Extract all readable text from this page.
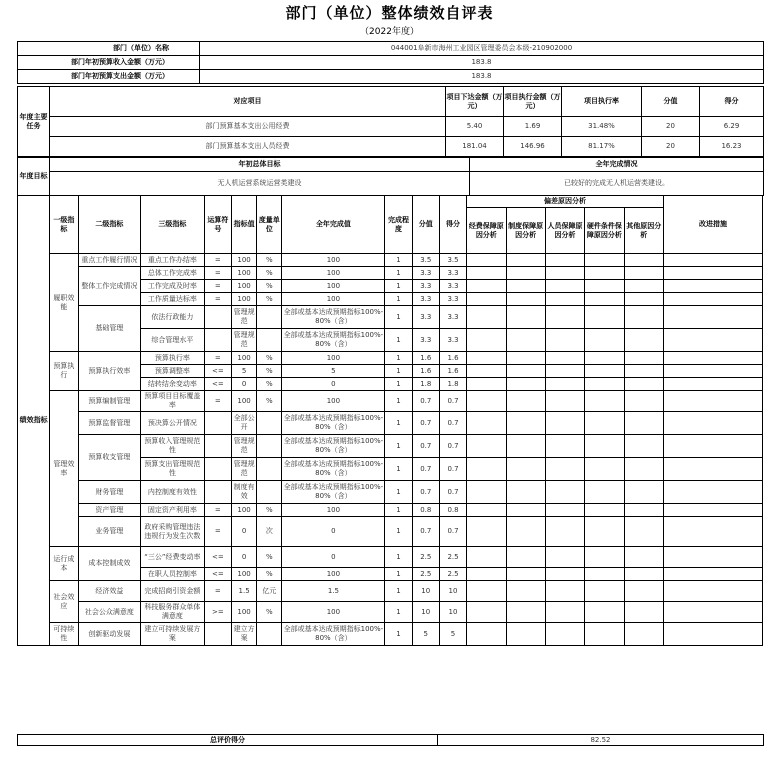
部门（单位）整体绩效自评表
（2022年度）
部门（单位）名称	044001阜新市海州工业园区管理委员会本级-210902000
部门年初预算收入金额（万元）	183.8
部门年初预算支出金额（万元）	183.8
年度主要任务	对应项目	项目下达金额（万元）	项目执行金额（万元）	项目执行率	分值	得分
	部门预算基本支出公用经费	5.40	1.69	31.48%	20	6.29
	部门预算基本支出人员经费	181.04	146.96	81.17%	20	16.23
年度目标	年初总体目标	全年完成情况
	无人机运营系统运营类建设	已较好的完成无人机运营类建设。
绩效指标	一级指标	二级指标	三级指标	运算符号	指标值	度量单位	全年完成值	完成程度	分值	得分	偏差原因分析					改进措施
											经费保障原因分析	制度保障原因分析	人员保障原因分析	硬件条件保障原因分析	其他原因分析	
	履职效能	重点工作履行情况	重点工作办结率	=	100	%	100	1	3.5	3.5						
		整体工作完成情况	总体工作完成率	=	100	%	100	1	3.3	3.3						
			工作完成及时率	=	100	%	100	1	3.3	3.3						
			工作质量达标率	=	100	%	100	1	3.3	3.3						
		基础管理	依法行政能力		管理规范		全部或基本达成预期指标100%-80%（含）	1	3.3	3.3						
			综合管理水平		管理规范		全部或基本达成预期指标100%-80%（含）	1	3.3	3.3						
	预算执行	预算执行效率	预算执行率	=	100	%	100	1	1.6	1.6						
			预算调整率	<=	5	%	5	1	1.6	1.6						
			结转结余变动率	<=	0	%	0	1	1.8	1.8						
	管理效率	预算编制管理	预算项目目标覆盖率	=	100	%	100	1	0.7	0.7						
		预算监督管理	预决算公开情况		全部公开		全部或基本达成预期指标100%-80%（含）	1	0.7	0.7						
		预算收支管理	预算收入管理规范性		管理规范		全部或基本达成预期指标100%-80%（含）	1	0.7	0.7						
			预算支出管理规范性		管理规范		全部或基本达成预期指标100%-80%（含）	1	0.7	0.7						
		财务管理	内控制度有效性		制度有效		全部或基本达成预期指标100%-80%（含）	1	0.7	0.7						
		资产管理	固定资产利用率	=	100	%	100	1	0.8	0.8						
		业务管理	政府采购管理违法违规行为发生次数	=	0	次	0	1	0.7	0.7						
	运行成本	成本控制成效	“三公”经费变动率	<=	0	%	0	1	2.5	2.5						
			在职人员控制率	<=	100	%	100	1	2.5	2.5						
	社会效应	经济效益	完成招商引资金额	=	1.5	亿元	1.5	1	10	10						
		社会公众满意度	科技服务群众单体满意度	>=	100	%	100	1	10	10						
	可持续性	创新驱动发展	建立可持续发展方案		建立方案		全部或基本达成预期指标100%-80%（含）	1	5	5						
总评价得分	82.52
